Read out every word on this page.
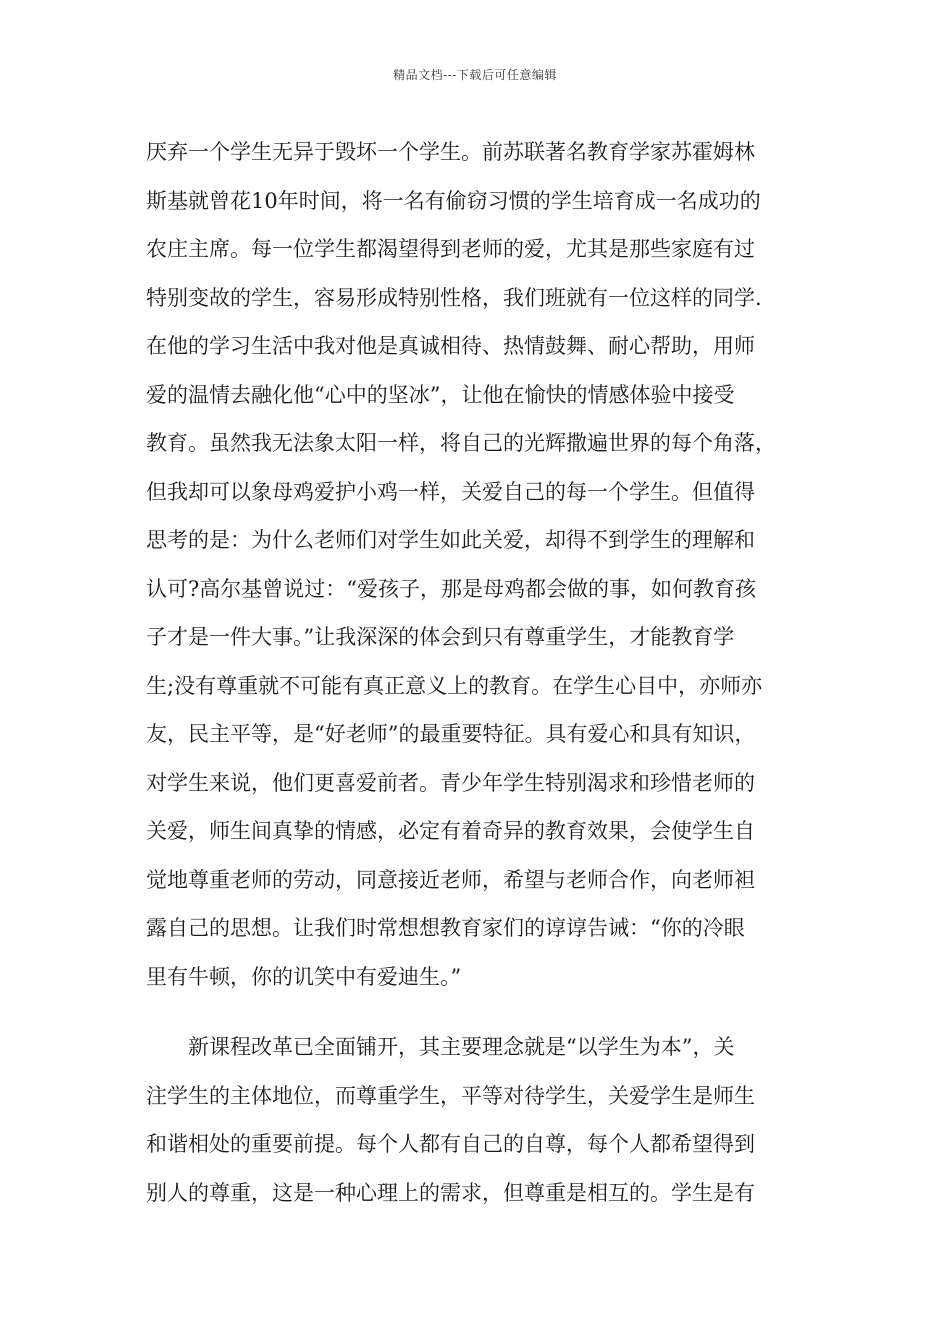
精品文档---下载后可任意编辑
厌弃一个学生无异于毁坏一个学生。前苏联著名教育学家苏霍姆林
斯基就曾花10年时间，将一名有偷窃习惯的学生培育成一名成功的
农庄主席。每一位学生都渴望得到老师的爱，尤其是那些家庭有过
特别变故的学生，容易形成特别性格，我们班就有一位这样的同学.
在他的学习生活中我对他是真诚相待、热情鼓舞、耐心帮助，用师
爱的温情去融化他“心中的坚冰”，让他在愉快的情感体验中接受
教育。虽然我无法象太阳一样，将自己的光辉撒遍世界的每个角落，
但我却可以象母鸡爱护小鸡一样，关爱自己的每一个学生。但值得
思考的是：为什么老师们对学生如此关爱，却得不到学生的理解和
认可?高尔基曾说过：“爱孩子，那是母鸡都会做的事，如何教育孩
子才是一件大事。”让我深深的体会到只有尊重学生，才能教育学
生;没有尊重就不可能有真正意义上的教育。在学生心目中，亦师亦
友，民主平等，是“好老师”的最重要特征。具有爱心和具有知识，
对学生来说，他们更喜爱前者。青少年学生特别渴求和珍惜老师的
关爱，师生间真挚的情感，必定有着奇异的教育效果，会使学生自
觉地尊重老师的劳动，同意接近老师，希望与老师合作，向老师袒
露自己的思想。让我们时常想想教育家们的谆谆告诫：“你的冷眼
里有牛顿，你的讥笑中有爱迪生。”
新课程改革已全面铺开，其主要理念就是“以学生为本”，关
注学生的主体地位，而尊重学生，平等对待学生，关爱学生是师生
和谐相处的重要前提。每个人都有自己的自尊，每个人都希望得到
别人的尊重，这是一种心理上的需求，但尊重是相互的。学生是有
